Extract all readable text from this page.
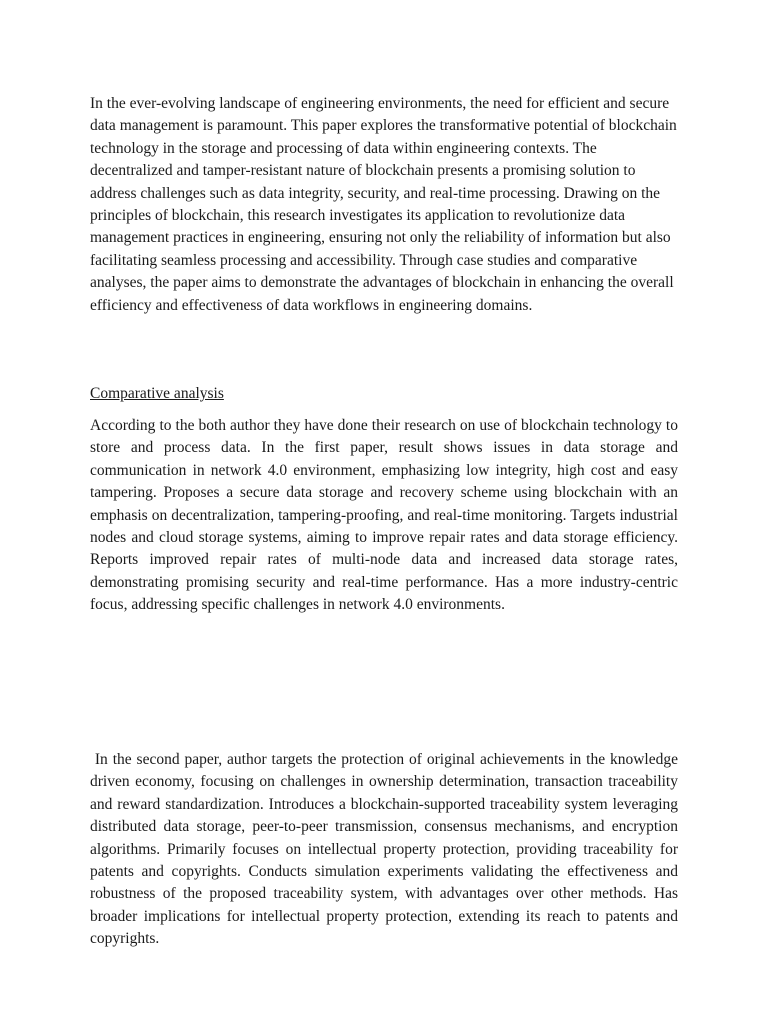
In the ever-evolving landscape of engineering environments, the need for efficient and secure data management is paramount. This paper explores the transformative potential of blockchain technology in the storage and processing of data within engineering contexts. The decentralized and tamper-resistant nature of blockchain presents a promising solution to address challenges such as data integrity, security, and real-time processing. Drawing on the principles of blockchain, this research investigates its application to revolutionize data management practices in engineering, ensuring not only the reliability of information but also facilitating seamless processing and accessibility. Through case studies and comparative analyses, the paper aims to demonstrate the advantages of blockchain in enhancing the overall efficiency and effectiveness of data workflows in engineering domains.

Comparative analysis

According to the both author they have done their research on use of blockchain technology to store and process data. In the first paper, result shows issues in data storage and communication in network 4.0 environment, emphasizing low integrity, high cost and easy tampering. Proposes a secure data storage and recovery scheme using blockchain with an emphasis on decentralization, tampering-proofing, and real-time monitoring. Targets industrial nodes and cloud storage systems, aiming to improve repair rates and data storage efficiency. Reports improved repair rates of multi-node data and increased data storage rates, demonstrating promising security and real-time performance. Has a more industry-centric focus, addressing specific challenges in network 4.0 environments.

In the second paper, author targets the protection of original achievements in the knowledge driven economy, focusing on challenges in ownership determination, transaction traceability and reward standardization. Introduces a blockchain-supported traceability system leveraging distributed data storage, peer-to-peer transmission, consensus mechanisms, and encryption algorithms. Primarily focuses on intellectual property protection, providing traceability for patents and copyrights. Conducts simulation experiments validating the effectiveness and robustness of the proposed traceability system, with advantages over other methods. Has broader implications for intellectual property protection, extending its reach to patents and copyrights.
